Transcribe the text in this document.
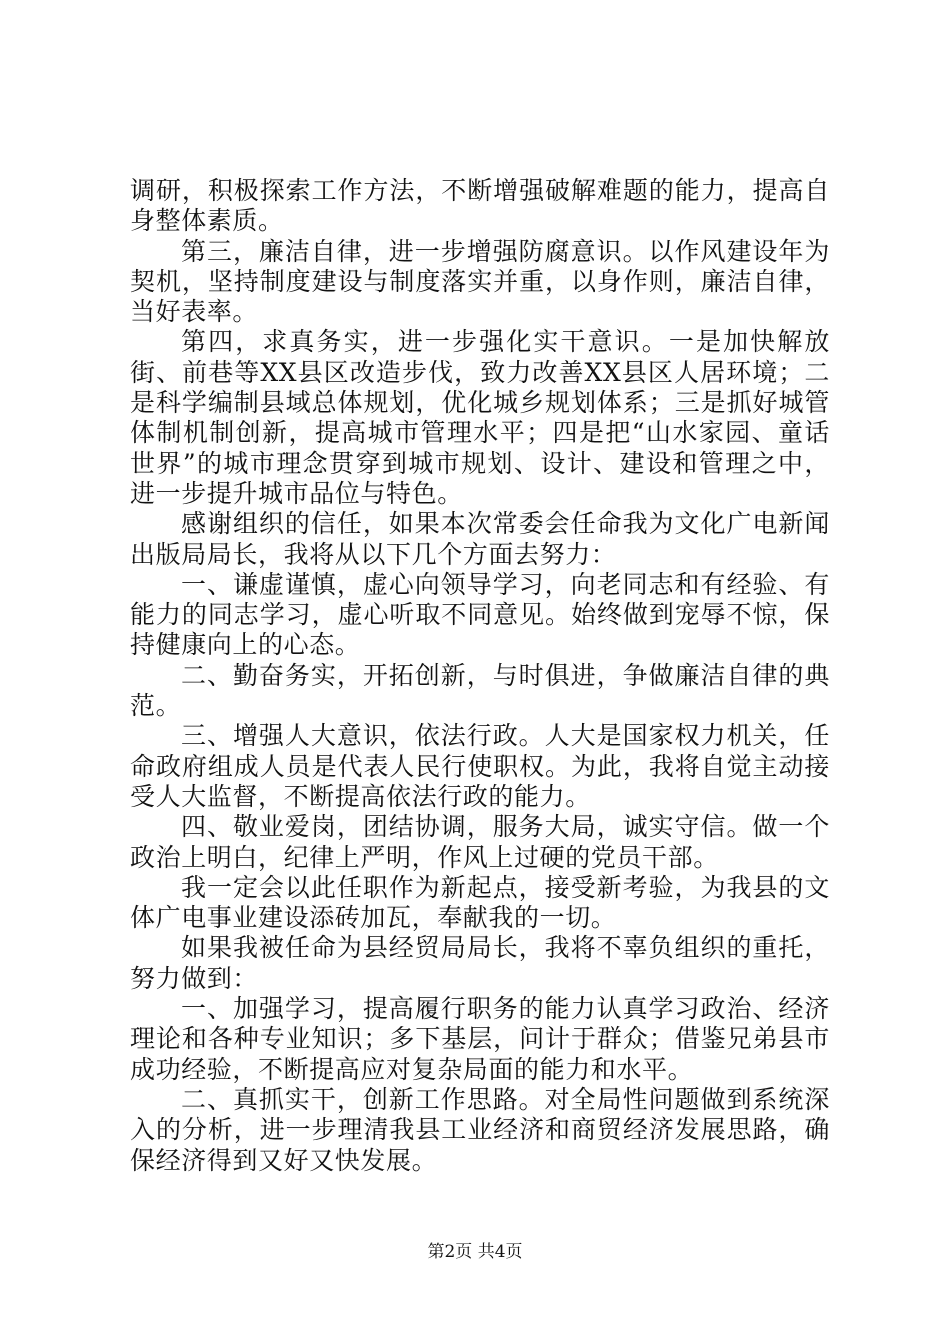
调研，积极探索工作方法，不断增强破解难题的能力，提高自身整体素质。

第三，廉洁自律，进一步增强防腐意识。以作风建设年为契机，坚持制度建设与制度落实并重，以身作则，廉洁自律，当好表率。

第四，求真务实，进一步强化实干意识。一是加快解放街、前巷等XX县区改造步伐，致力改善XX县区人居环境；二是科学编制县域总体规划，优化城乡规划体系；三是抓好城管体制机制创新，提高城市管理水平；四是把“山水家园、童话世界”的城市理念贯穿到城市规划、设计、建设和管理之中，进一步提升城市品位与特色。

感谢组织的信任，如果本次常委会任命我为文化广电新闻出版局局长，我将从以下几个方面去努力：

一、谦虚谨慎，虚心向领导学习，向老同志和有经验、有能力的同志学习，虚心听取不同意见。始终做到宠辱不惊，保持健康向上的心态。

二、勤奋务实，开拓创新，与时俱进，争做廉洁自律的典范。

三、增强人大意识，依法行政。人大是国家权力机关，任命政府组成人员是代表人民行使职权。为此，我将自觉主动接受人大监督，不断提高依法行政的能力。

四、敬业爱岗，团结协调，服务大局，诚实守信。做一个政治上明白，纪律上严明，作风上过硬的党员干部。

我一定会以此任职作为新起点，接受新考验，为我县的文体广电事业建设添砖加瓦，奉献我的一切。

如果我被任命为县经贸局局长，我将不辜负组织的重托，努力做到：

一、加强学习，提高履行职务的能力认真学习政治、经济理论和各种专业知识；多下基层，问计于群众；借鉴兄弟县市成功经验，不断提高应对复杂局面的能力和水平。

二、真抓实干，创新工作思路。对全局性问题做到系统深入的分析，进一步理清我县工业经济和商贸经济发展思路，确保经济得到又好又快发展。

第2页 共4页
